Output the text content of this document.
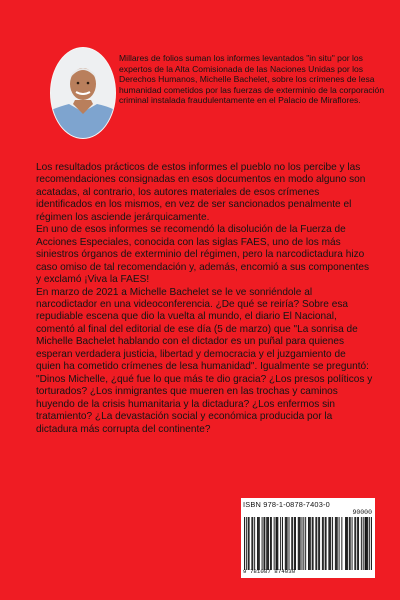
Millares de folios suman los informes levantados "in situ" por los expertos de la Alta Comisionada de las Naciones Unidas por los Derechos Humanos, Michelle Bachelet, sobre los crímenes de lesa humanidad cometidos por las fuerzas de exterminio de la corporación criminal instalada fraudulentamente en el Palacio de Miraflores.

Los resultados prácticos de estos informes el pueblo no los percibe y las recomendaciones consignadas en esos documentos en modo alguno son acatadas, al contrario, los autores materiales de esos crímenes identificados en los mismos, en vez de ser sancionados penalmente el régimen los asciende jerárquicamente.

En uno de esos informes se recomendó la disolución de la Fuerza de Acciones Especiales, conocida con las siglas FAES, uno de los más siniestros órganos de exterminio del régimen, pero la narcodictadura hizo caso omiso de tal recomendación y, además, encomió a sus componentes y exclamó ¡Viva la FAES!

En marzo de 2021 a Michelle Bachelet se le ve sonriéndole al narcodictador en una videoconferencia. ¿De qué se reiría? Sobre esa repudiable escena que dio la vuelta al mundo, el diario El Nacional, comentó al final del editorial de ese día (5 de marzo) que "La sonrisa de Michelle Bachelet hablando con el dictador es un puñal para quienes esperan verdadera justicia, libertad y democracia y el juzgamiento de quien ha cometido crímenes de lesa humanidad". Igualmente se preguntó: "Dinos Michelle, ¿qué fue lo que más te dio gracia? ¿Los presos políticos y torturados? ¿Los inmigrantes que mueren en las trochas y caminos huyendo de la crisis humanitaria y la dictadura? ¿Los enfermos sin tratamiento? ¿La devastación social y económica producida por la dictadura más corrupta del continente?

ISBN 978-1-0878-7403-0
90000
9 781087 874030
